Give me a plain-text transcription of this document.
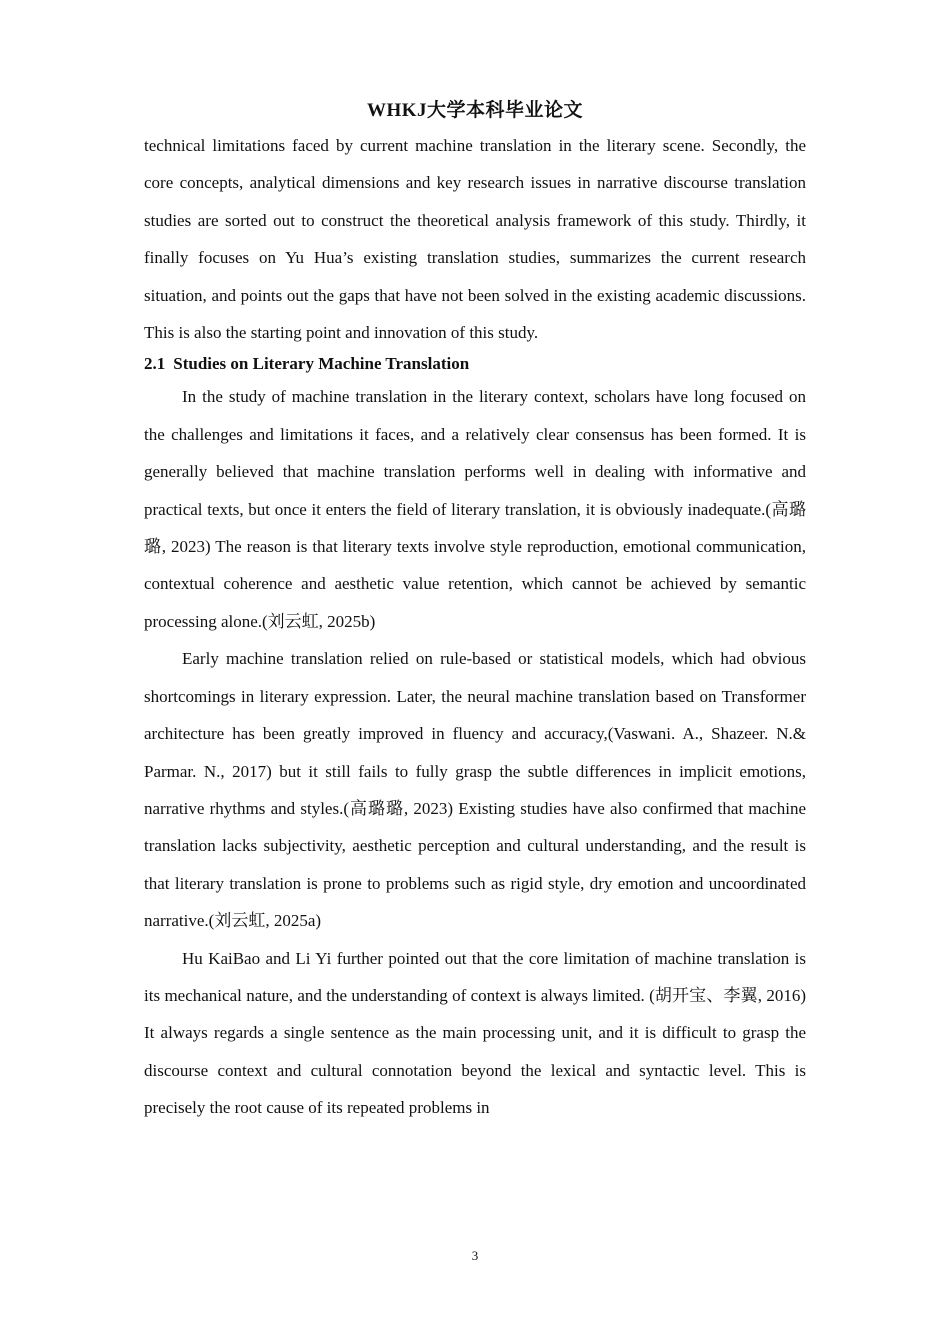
WHKJ大学本科毕业论文

technical limitations faced by current machine translation in the literary scene. Secondly, the core concepts, analytical dimensions and key research issues in narrative discourse translation studies are sorted out to construct the theoretical analysis framework of this study. Thirdly, it finally focuses on Yu Hua’s existing translation studies, summarizes the current research situation, and points out the gaps that have not been solved in the existing academic discussions. This is also the starting point and innovation of this study.

2.1 Studies on Literary Machine Translation

In the study of machine translation in the literary context, scholars have long focused on the challenges and limitations it faces, and a relatively clear consensus has been formed. It is generally believed that machine translation performs well in dealing with informative and practical texts, but once it enters the field of literary translation, it is obviously inadequate.(高璐璐, 2023) The reason is that literary texts involve style reproduction, emotional communication, contextual coherence and aesthetic value retention, which cannot be achieved by semantic processing alone.(刘云虹, 2025b)

Early machine translation relied on rule-based or statistical models, which had obvious shortcomings in literary expression. Later, the neural machine translation based on Transformer architecture has been greatly improved in fluency and accuracy,(Vaswani. A., Shazeer. N.& Parmar. N., 2017) but it still fails to fully grasp the subtle differences in implicit emotions, narrative rhythms and styles.(高璐璐, 2023) Existing studies have also confirmed that machine translation lacks subjectivity, aesthetic perception and cultural understanding, and the result is that literary translation is prone to problems such as rigid style, dry emotion and uncoordinated narrative.(刘云虹, 2025a)

Hu KaiBao and Li Yi further pointed out that the core limitation of machine translation is its mechanical nature, and the understanding of context is always limited. (胡开宝、李翼, 2016) It always regards a single sentence as the main processing unit, and it is difficult to grasp the discourse context and cultural connotation beyond the lexical and syntactic level. This is precisely the root cause of its repeated problems in

3
